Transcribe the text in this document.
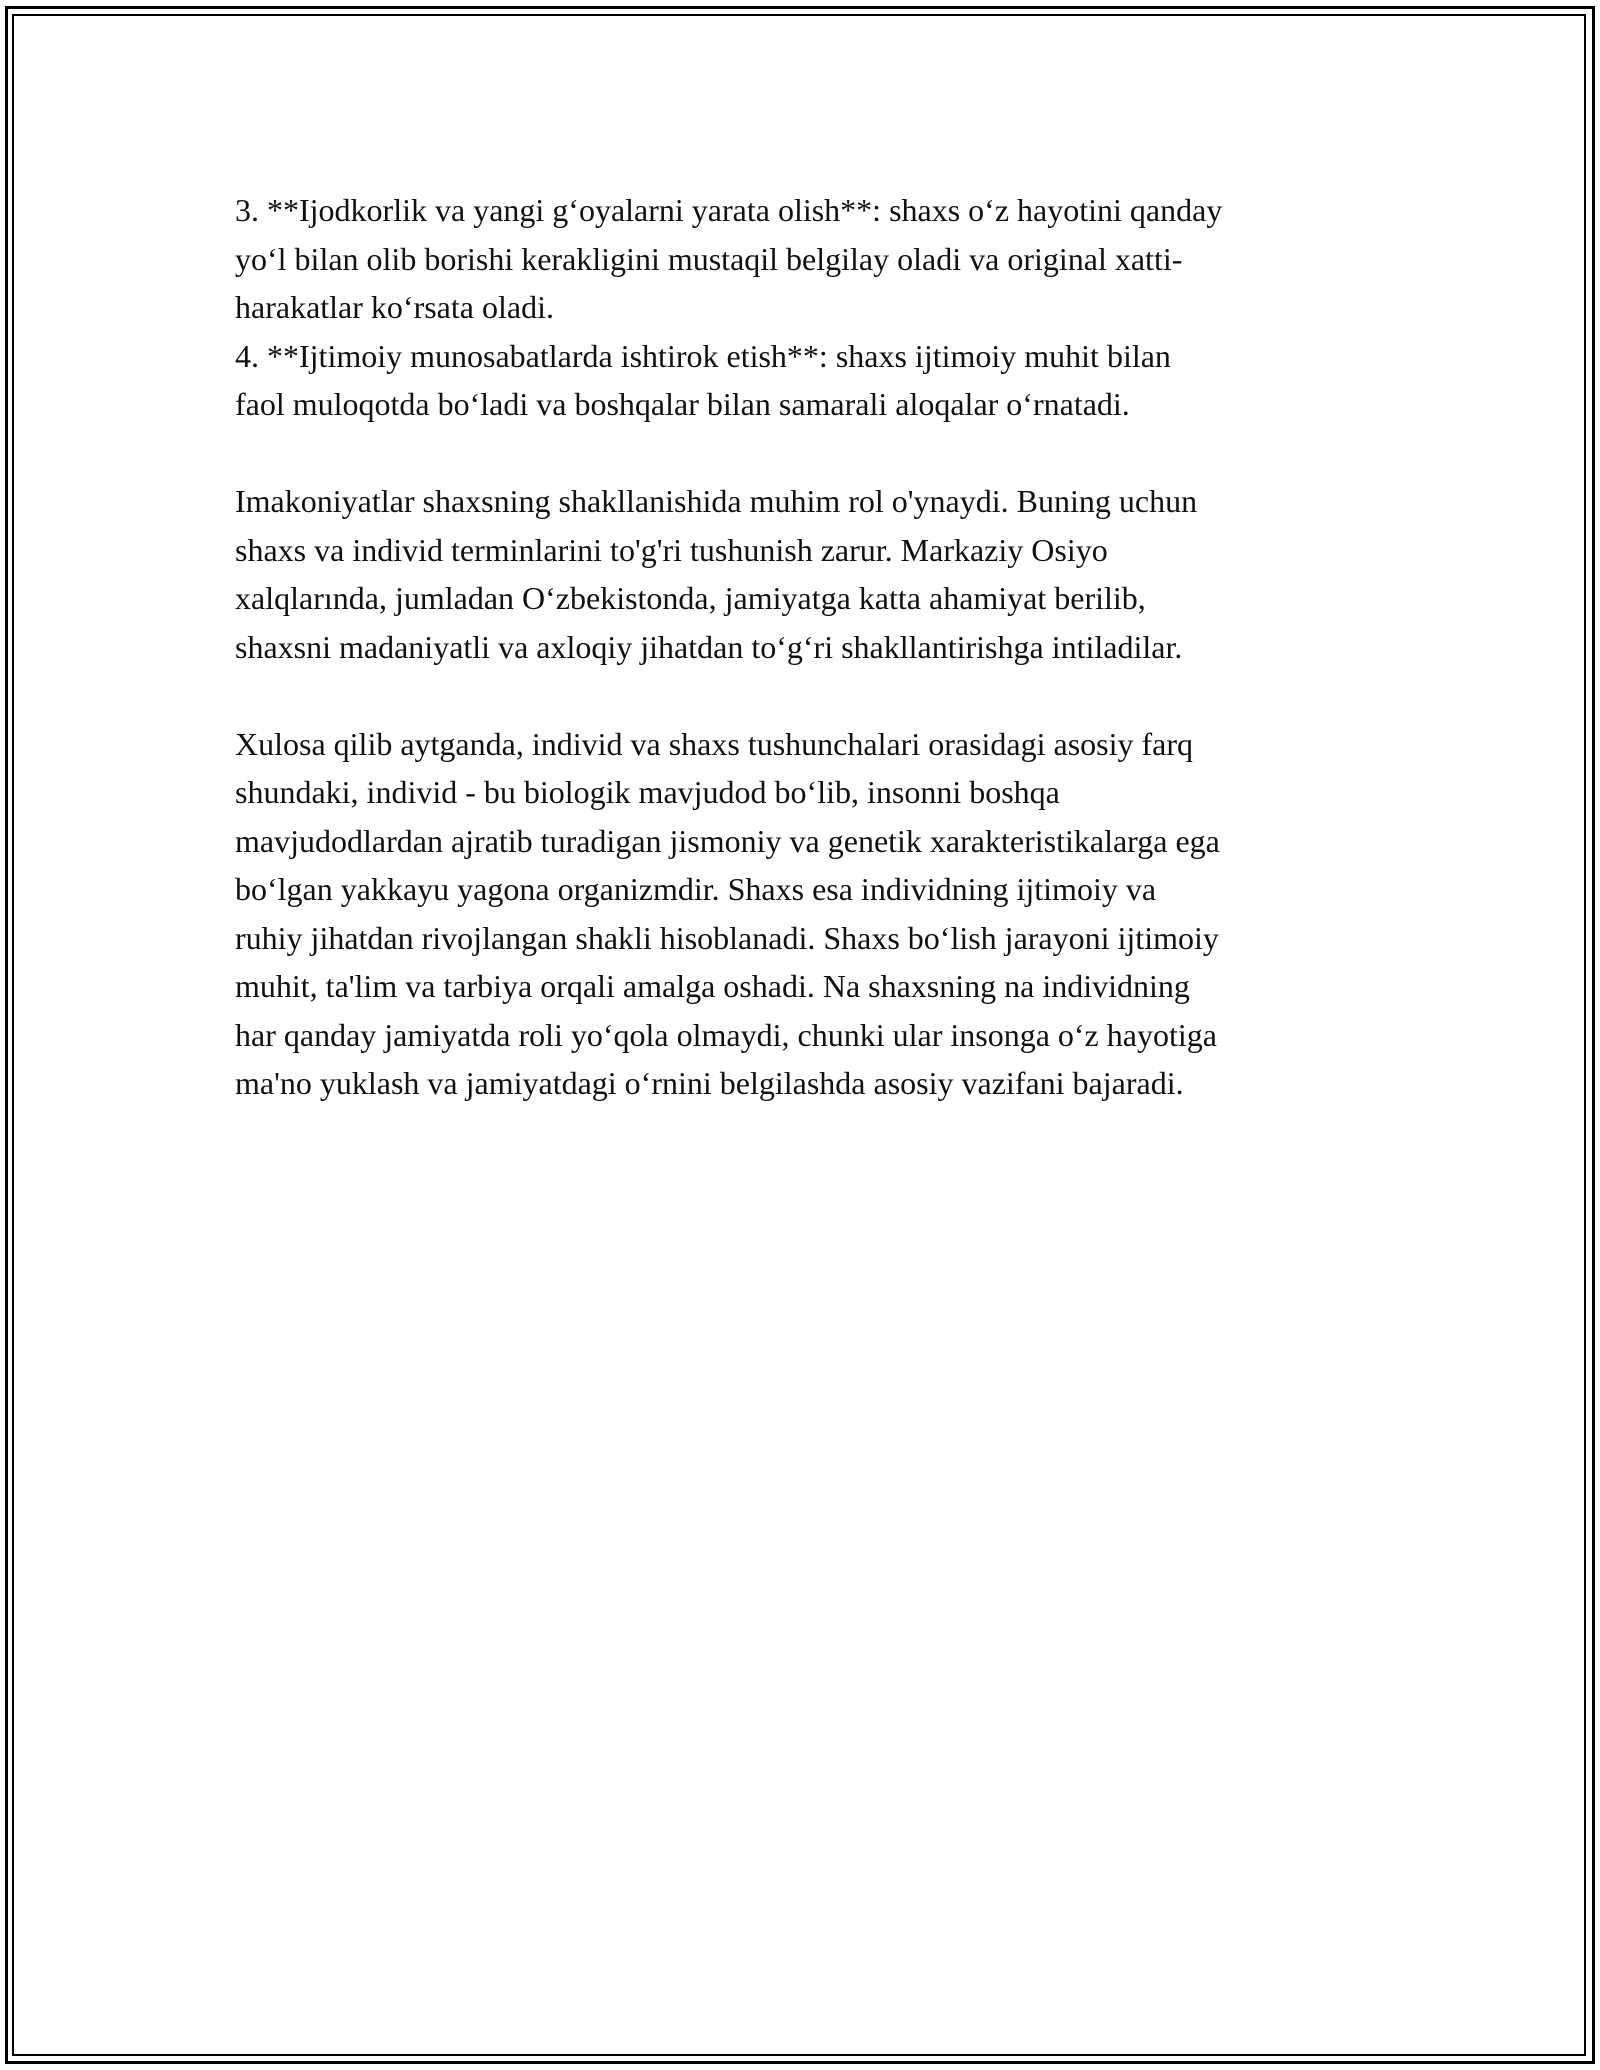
3. **Ijodkorlik va yangi g‘oyalarni yarata olish**: shaxs o‘z hayotini qanday
yo‘l bilan olib borishi kerakligini mustaqil belgilay oladi va original xatti-
harakatlar ko‘rsata oladi.
4. **Ijtimoiy munosabatlarda ishtirok etish**: shaxs ijtimoiy muhit bilan
faol muloqotda bo‘ladi va boshqalar bilan samarali aloqalar o‘rnatadi.
Imakoniyatlar shaxsning shakllanishida muhim rol o'ynaydi. Buning uchun
shaxs va individ terminlarini to'g'ri tushunish zarur. Markaziy Osiyo
xalqlarında, jumladan O‘zbekistonda, jamiyatga katta ahamiyat berilib,
shaxsni madaniyatli va axloqiy jihatdan to‘g‘ri shakllantirishga intiladilar.
Xulosa qilib aytganda, individ va shaxs tushunchalari orasidagi asosiy farq
shundaki, individ - bu biologik mavjudod bo‘lib, insonni boshqa
mavjudodlardan ajratib turadigan jismoniy va genetik xarakteristikalarga ega
bo‘lgan yakkayu yagona organizmdir. Shaxs esa individning ijtimoiy va
ruhiy jihatdan rivojlangan shakli hisoblanadi. Shaxs bo‘lish jarayoni ijtimoiy
muhit, ta'lim va tarbiya orqali amalga oshadi. Na shaxsning na individning
har qanday jamiyatda roli yo‘qola olmaydi, chunki ular insonga o‘z hayotiga
ma'no yuklash va jamiyatdagi o‘rnini belgilashda asosiy vazifani bajaradi.
